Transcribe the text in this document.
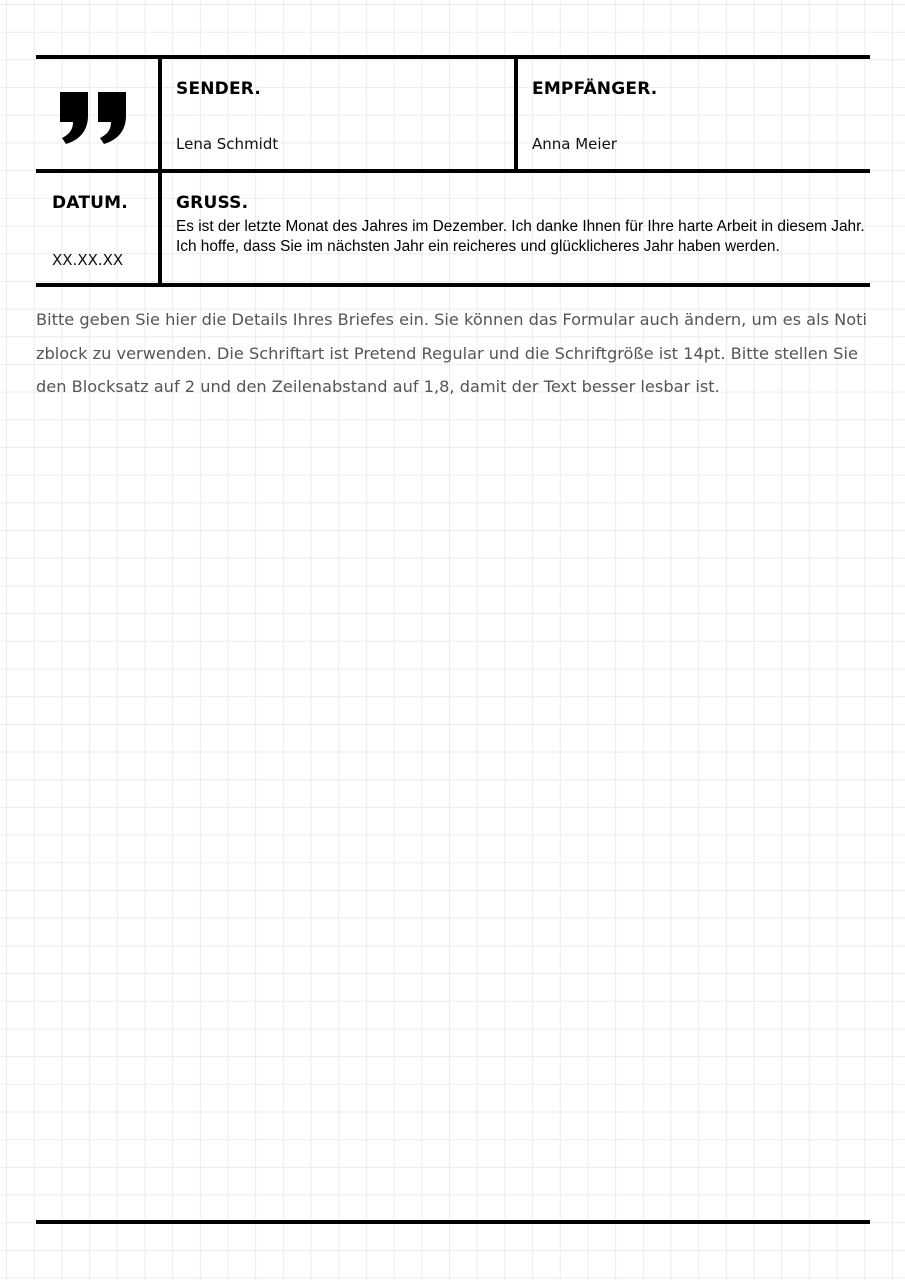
SENDER.
Lena Schmidt
EMPFÄNGER.
Anna Meier
DATUM.
XX.XX.XX
GRUSS.
Es ist der letzte Monat des Jahres im Dezember. Ich danke Ihnen für Ihre harte Arbeit in diesem Jahr. Ich hoffe, dass Sie im nächsten Jahr ein reicheres und glücklicheres Jahr haben werden.
Bitte geben Sie hier die Details Ihres Briefes ein. Sie können das Formular auch ändern, um es als Notizblock zu verwenden. Die Schriftart ist Pretend Regular und die Schriftgröße ist 14pt. Bitte stellen Sie den Blocksatz auf 2 und den Zeilenabstand auf 1,8, damit der Text besser lesbar ist.
